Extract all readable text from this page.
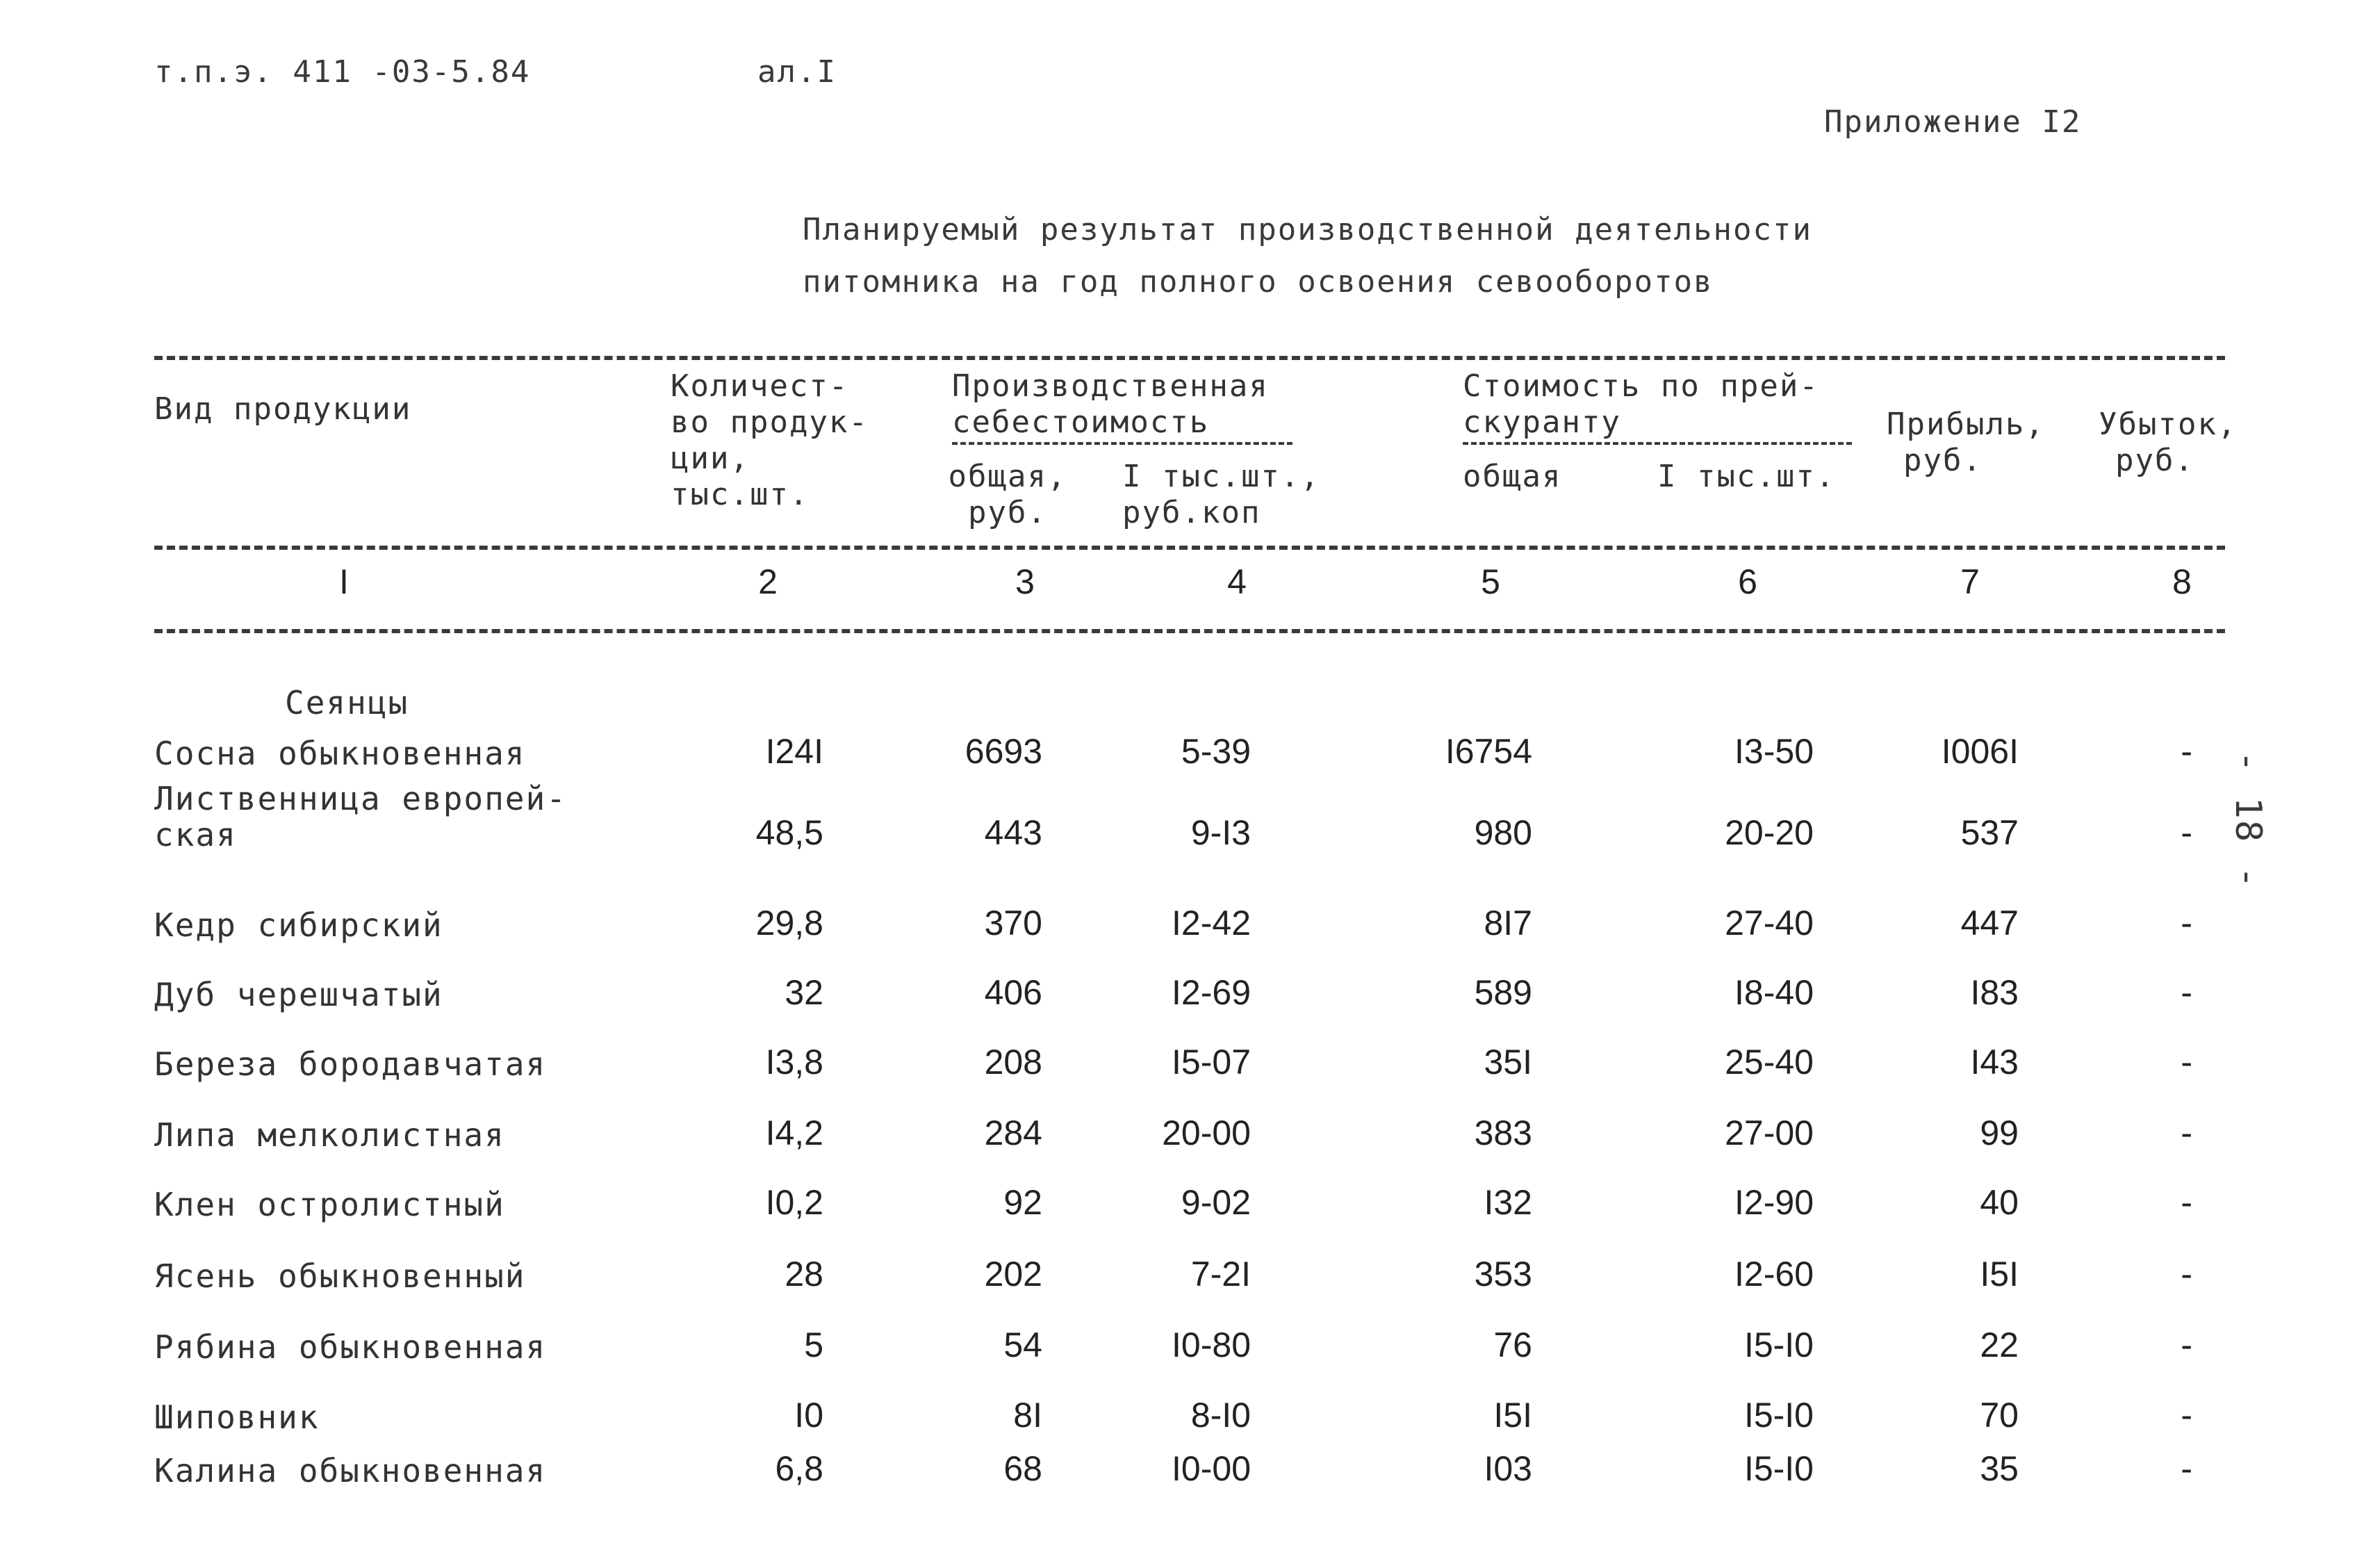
т.п.э. 411 -03-5.84	ал.I
Приложение I2
- 18 -
Планируемый результат производственной деятельности
питомника на год полного освоения севооборотов
Вид продукции
Количест-
во продук-
ции,
тыс.шт.
Производственная
себестоимость
общая,
руб.
I тыс.шт.,
руб.коп
Стоимость по прей-
скуранту
общая	I тыс.шт.
Прибыль,
руб.
Убыток,
руб.
I	2	3	4	5	6	7	8
Сеянцы
Сосна обыкновенная	I24I	6693	5-39	I6754	I3-50	I006I	-
Лиственница европей-
ская	48,5	443	9-I3	980	20-20	537	-
Кедр сибирский	29,8	370	I2-42	8I7	27-40	447	-
Дуб черешчатый	32	406	I2-69	589	I8-40	I83	-
Береза бородавчатая	I3,8	208	I5-07	35I	25-40	I43	-
Липа мелколистная	I4,2	284	20-00	383	27-00	99	-
Клен остролистный	I0,2	92	9-02	I32	I2-90	40	-
Ясень обыкновенный	28	202	7-2I	353	I2-60	I5I	-
Рябина обыкновенная	5	54	I0-80	76	I5-I0	22	-
Шиповник	I0	8I	8-I0	I5I	I5-I0	70	-
Калина обыкновенная	6,8	68	I0-00	I03	I5-I0	35	-
